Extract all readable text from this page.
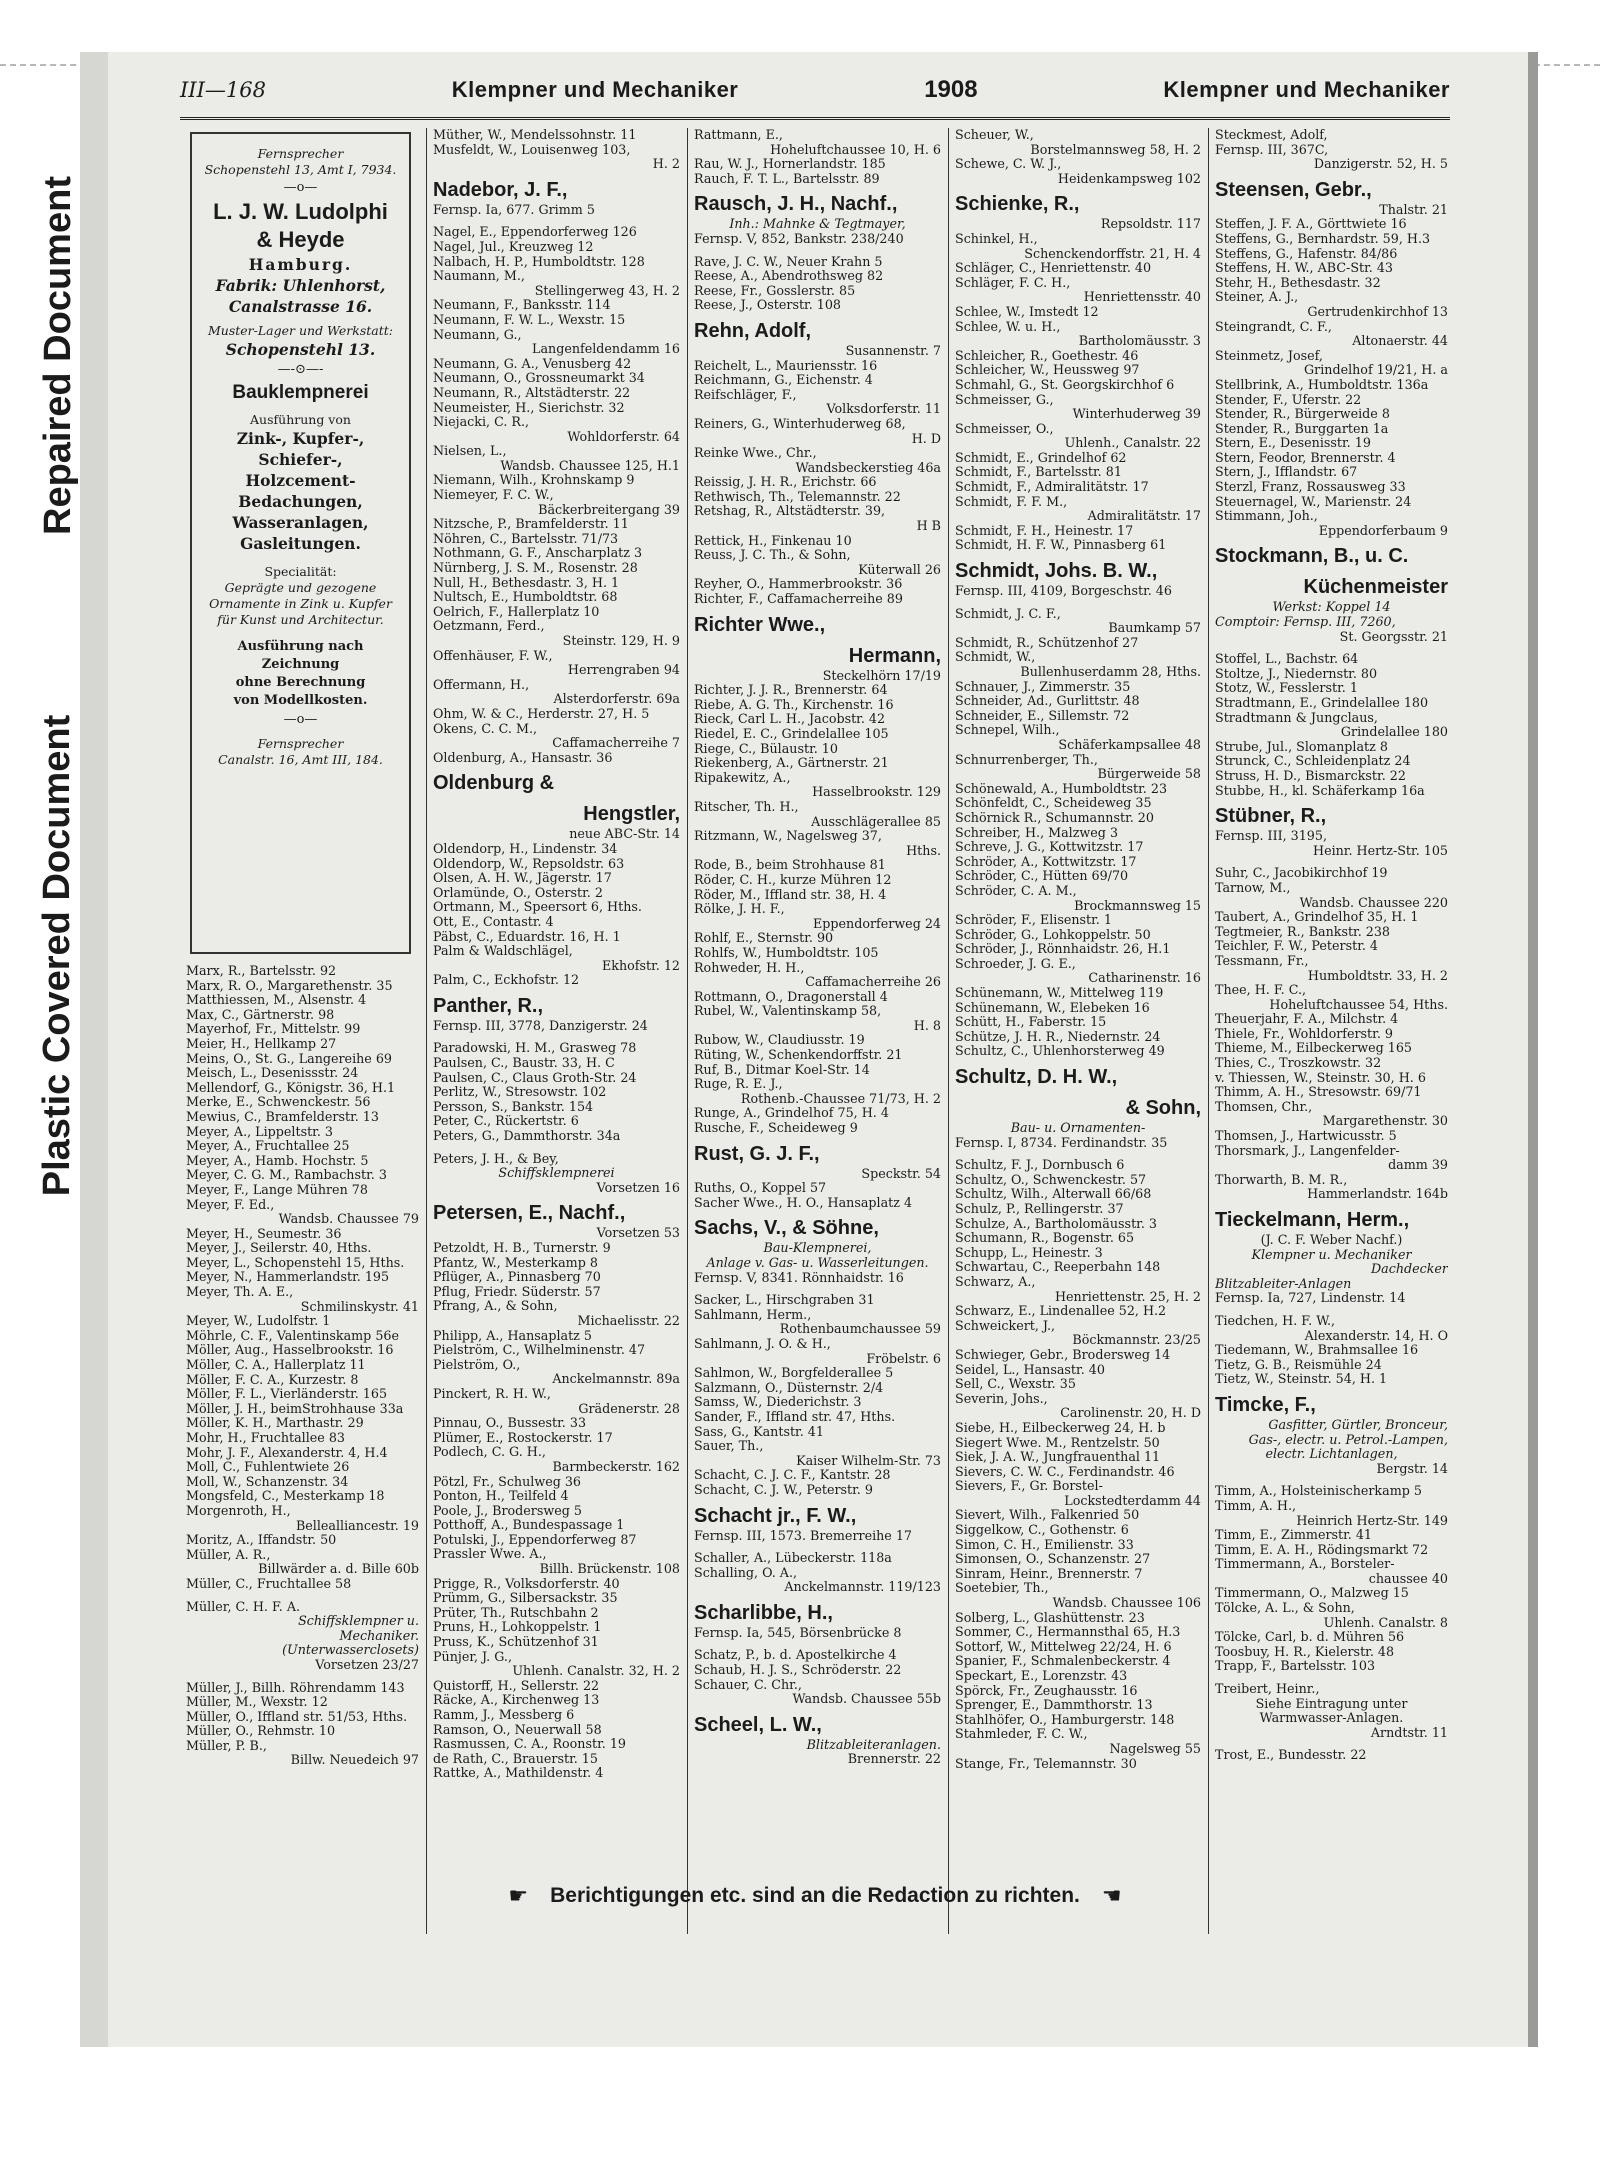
Repaired Document
Plastic Covered Document
III—168	Klempner und Mechaniker	1908	Klempner und Mechaniker
Fernsprecher
Schopenstehl 13, Amt I, 7934.
—o—
L. J. W. Ludolphi
& Heyde
Hamburg.
Fabrik: Uhlenhorst,
Canalstrasse 16.
Muster-Lager und Werkstatt:
Schopenstehl 13.
—-⊙—-
Bauklempnerei
Ausführung von
Zink-, Kupfer-,
Schiefer-,
Holzcement-
Bedachungen,
Wasseranlagen,
Gasleitungen.
Specialität:
Geprägte und gezogene
Ornamente in Zink u. Kupfer
für Kunst und Architectur.
Ausführung nach Zeichnung
ohne Berechnung
von Modellkosten.
—o—
Fernsprecher
Canalstr. 16, Amt III, 184.
Marx, R., Bartelsstr. 92
Marx, R. O., Margarethenstr. 35
Matthiessen, M., Alsenstr. 4
Max, C., Gärtnerstr. 98
Mayerhof, Fr., Mittelstr. 99
Meier, H., Hellkamp 27
Meins, O., St. G., Langereihe 69
Meisch, L., Desenissstr. 24
Mellendorf, G., Königstr. 36, H.1
Merke, E., Schwenckestr. 56
Mewius, C., Bramfelderstr. 13
Meyer, A., Lippeltstr. 3
Meyer, A., Fruchtallee 25
Meyer, A., Hamb. Hochstr. 5
Meyer, C. G. M., Rambachstr. 3
Meyer, F., Lange Mühren 78
Meyer, F. Ed.,
Wandsb. Chaussee 79
Meyer, H., Seumestr. 36
Meyer, J., Seilerstr. 40, Hths.
Meyer, L., Schopenstehl 15, Hths.
Meyer, N., Hammerlandstr. 195
Meyer, Th. A. E.,
Schmilinskystr. 41
Meyer, W., Ludolfstr. 1
Möhrle, C. F., Valentinskamp 56e
Möller, Aug., Hasselbrookstr. 16
Möller, C. A., Hallerplatz 11
Möller, F. C. A., Kurzestr. 8
Möller, F. L., Vierländerstr. 165
Möller, J. H., beimStrohhause 33a
Möller, K. H., Marthastr. 29
Mohr, H., Fruchtallee 83
Mohr, J. F., Alexanderstr. 4, H.4
Moll, C., Fuhlentwiete 26
Moll, W., Schanzenstr. 34
Mongsfeld, C., Mesterkamp 18
Morgenroth, H.,
Bellealliancestr. 19
Moritz, A., Iffandstr. 50
Müller, A. R.,
Billwärder a. d. Bille 60b
Müller, C., Fruchtallee 58
Müller, C. H. F. A.
Schiffsklempner u.
Mechaniker.
(Unterwasserclosets)
Vorsetzen 23/27
Müller, J., Billh. Röhrendamm 143
Müller, M., Wexstr. 12
Müller, O., Iffland str. 51/53, Hths.
Müller, O., Rehmstr. 10
Müller, P. B.,
Billw. Neuedeich 97
Müther, W., Mendelssohnstr. 11
Musfeldt, W., Louisenweg 103,
H. 2
Nadebor, J. F.,
Fernsp. Ia, 677. Grimm 5
Nagel, E., Eppendorferweg 126
Nagel, Jul., Kreuzweg 12
Nalbach, H. P., Humboldtstr. 128
Naumann, M.,
Stellingerweg 43, H. 2
Neumann, F., Banksstr. 114
Neumann, F. W. L., Wexstr. 15
Neumann, G.,
Langenfeldendamm 16
Neumann, G. A., Venusberg 42
Neumann, O., Grossneumarkt 34
Neumann, R., Altstädterstr. 22
Neumeister, H., Sierichstr. 32
Niejacki, C. R.,
Wohldorferstr. 64
Nielsen, L.,
Wandsb. Chaussee 125, H.1
Niemann, Wilh., Krohnskamp 9
Niemeyer, F. C. W.,
Bäckerbreitergang 39
Nitzsche, P., Bramfelderstr. 11
Nöhren, C., Bartelsstr. 71/73
Nothmann, G. F., Anscharplatz 3
Nürnberg, J. S. M., Rosenstr. 28
Null, H., Bethesdastr. 3, H. 1
Nultsch, E., Humboldtstr. 68
Oelrich, F., Hallerplatz 10
Oetzmann, Ferd.,
Steinstr. 129, H. 9
Offenhäuser, F. W.,
Herrengraben 94
Offermann, H.,
Alsterdorferstr. 69a
Ohm, W. & C., Herderstr. 27, H. 5
Okens, C. C. M.,
Caffamacherreihe 7
Oldenburg, A., Hansastr. 36
Oldenburg &
Hengstler,
neue ABC-Str. 14
Oldendorp, H., Lindenstr. 34
Oldendorp, W., Repsoldstr. 63
Olsen, A. H. W., Jägerstr. 17
Orlamünde, O., Osterstr. 2
Ortmann, M., Speersort 6, Hths.
Ott, E., Contastr. 4
Päbst, C., Eduardstr. 16, H. 1
Palm & Waldschlägel,
Ekhofstr. 12
Palm, C., Eckhofstr. 12
Panther, R.,
Fernsp. III, 3778, Danzigerstr. 24
Paradowski, H. M., Grasweg 78
Paulsen, C., Baustr. 33, H. C
Paulsen, C., Claus Groth-Str. 24
Perlitz, W., Stresowstr. 102
Persson, S., Bankstr. 154
Peter, C., Rückertstr. 6
Peters, G., Dammthorstr. 34a
Peters, J. H., & Bey,
Schiffsklempnerei
Vorsetzen 16
Petersen, E., Nachf.,
Vorsetzen 53
Petzoldt, H. B., Turnerstr. 9
Pfantz, W., Mesterkamp 8
Pflüger, A., Pinnasberg 70
Pflug, Friedr. Süderstr. 57
Pfrang, A., & Sohn,
Michaelisstr. 22
Philipp, A., Hansaplatz 5
Pielström, C., Wilhelminenstr. 47
Pielström, O.,
Anckelmannstr. 89a
Pinckert, R. H. W.,
Grädenerstr. 28
Pinnau, O., Bussestr. 33
Plümer, E., Rostockerstr. 17
Podlech, C. G. H.,
Barmbeckerstr. 162
Pötzl, Fr., Schulweg 36
Ponton, H., Teilfeld 4
Poole, J., Brodersweg 5
Potthoff, A., Bundespassage 1
Potulski, J., Eppendorferweg 87
Prassler Wwe. A.,
Billh. Brückenstr. 108
Prigge, R., Volksdorferstr. 40
Prümm, G., Silbersackstr. 35
Prüter, Th., Rutschbahn 2
Pruns, H., Lohkoppelstr. 1
Pruss, K., Schützenhof 31
Pünjer, J. G.,
Uhlenh. Canalstr. 32, H. 2
Quistorff, H., Sellerstr. 22
Räcke, A., Kirchenweg 13
Ramm, J., Messberg 6
Ramson, O., Neuerwall 58
Rasmussen, C. A., Roonstr. 19
de Rath, C., Brauerstr. 15
Rattke, A., Mathildenstr. 4
Rattmann, E.,
Hoheluftchaussee 10, H. 6
Rau, W. J., Hornerlandstr. 185
Rauch, F. T. L., Bartelsstr. 89
Rausch, J. H., Nachf.,
Inh.: Mahnke & Tegtmayer,
Fernsp. V, 852, Bankstr. 238/240
Rave, J. C. W., Neuer Krahn 5
Reese, A., Abendrothsweg 82
Reese, Fr., Gosslerstr. 85
Reese, J., Osterstr. 108
Rehn, Adolf,
Susannenstr. 7
Reichelt, L., Mauriensstr. 16
Reichmann, G., Eichenstr. 4
Reifschläger, F.,
Volksdorferstr. 11
Reiners, G., Winterhuderweg 68,
H. D
Reinke Wwe., Chr.,
Wandsbeckerstieg 46a
Reissig, J. H. R., Erichstr. 66
Rethwisch, Th., Telemannstr. 22
Retshag, R., Altstädterstr. 39,
H B
Rettick, H., Finkenau 10
Reuss, J. C. Th., & Sohn,
Küterwall 26
Reyher, O., Hammerbrookstr. 36
Richter, F., Caffamacherreihe 89
Richter Wwe.,
Hermann,
Steckelhörn 17/19
Richter, J. J. R., Brennerstr. 64
Riebe, A. G. Th., Kirchenstr. 16
Rieck, Carl L. H., Jacobstr. 42
Riedel, E. C., Grindelallee 105
Riege, C., Bülaustr. 10
Riekenberg, A., Gärtnerstr. 21
Ripakewitz, A.,
Hasselbrookstr. 129
Ritscher, Th. H.,
Ausschlägerallee 85
Ritzmann, W., Nagelsweg 37,
Hths.
Rode, B., beim Strohhause 81
Röder, C. H., kurze Mühren 12
Röder, M., Iffland str. 38, H. 4
Rölke, J. H. F.,
Eppendorferweg 24
Rohlf, E., Sternstr. 90
Rohlfs, W., Humboldtstr. 105
Rohweder, H. H.,
Caffamacherreihe 26
Rottmann, O., Dragonerstall 4
Rubel, W., Valentinskamp 58,
H. 8
Rubow, W., Claudiusstr. 19
Rüting, W., Schenkendorffstr. 21
Ruf, B., Ditmar Koel-Str. 14
Ruge, R. E. J.,
Rothenb.-Chaussee 71/73, H. 2
Runge, A., Grindelhof 75, H. 4
Rusche, F., Scheideweg 9
Rust, G. J. F.,
Speckstr. 54
Ruths, O., Koppel 57
Sacher Wwe., H. O., Hansaplatz 4
Sachs, V., & Söhne,
Bau-Klempnerei,
Anlage v. Gas- u. Wasserleitungen.
Fernsp. V, 8341. Rönnhaidstr. 16
Sacker, L., Hirschgraben 31
Sahlmann, Herm.,
Rothenbaumchaussee 59
Sahlmann, J. O. & H.,
Fröbelstr. 6
Sahlmon, W., Borgfelderallee 5
Salzmann, O., Düsternstr. 2/4
Samss, W., Diederichstr. 3
Sander, F., Iffland str. 47, Hths.
Sass, G., Kantstr. 41
Sauer, Th.,
Kaiser Wilhelm-Str. 73
Schacht, C. J. C. F., Kantstr. 28
Schacht, C. J. W., Peterstr. 9
Schacht jr., F. W.,
Fernsp. III, 1573. Bremerreihe 17
Schaller, A., Lübeckerstr. 118a
Schalling, O. A.,
Anckelmannstr. 119/123
Scharlibbe, H.,
Fernsp. Ia, 545, Börsenbrücke 8
Schatz, P., b. d. Apostelkirche 4
Schaub, H. J. S., Schröderstr. 22
Schauer, C. Chr.,
Wandsb. Chaussee 55b
Scheel, L. W.,
Blitzableiteranlagen.
Brennerstr. 22
Scheuer, W.,
Borstelmannsweg 58, H. 2
Schewe, C. W. J.,
Heidenkampsweg 102
Schienke, R.,
Repsoldstr. 117
Schinkel, H.,
Schenckendorffstr. 21, H. 4
Schläger, C., Henriettenstr. 40
Schläger, F. C. H.,
Henriettensstr. 40
Schlee, W., Imstedt 12
Schlee, W. u. H.,
Bartholomäusstr. 3
Schleicher, R., Goethestr. 46
Schleicher, W., Heussweg 97
Schmahl, G., St. Georgskirchhof 6
Schmeisser, G.,
Winterhuderweg 39
Schmeisser, O.,
Uhlenh., Canalstr. 22
Schmidt, E., Grindelhof 62
Schmidt, F., Bartelsstr. 81
Schmidt, F., Admiralitätstr. 17
Schmidt, F. F. M.,
Admiralitätstr. 17
Schmidt, F. H., Heinestr. 17
Schmidt, H. F. W., Pinnasberg 61
Schmidt, Johs. B. W.,
Fernsp. III, 4109, Borgeschstr. 46
Schmidt, J. C. F.,
Baumkamp 57
Schmidt, R., Schützenhof 27
Schmidt, W.,
Bullenhuserdamm 28, Hths.
Schnauer, J., Zimmerstr. 35
Schneider, Ad., Gurlittstr. 48
Schneider, E., Sillemstr. 72
Schnepel, Wilh.,
Schäferkampsallee 48
Schnurrenberger, Th.,
Bürgerweide 58
Schönewald, A., Humboldtstr. 23
Schönfeldt, C., Scheideweg 35
Schörnick R., Schumannstr. 20
Schreiber, H., Malzweg 3
Schreve, J. G., Kottwitzstr. 17
Schröder, A., Kottwitzstr. 17
Schröder, C., Hütten 69/70
Schröder, C. A. M.,
Brockmannsweg 15
Schröder, F., Elisenstr. 1
Schröder, G., Lohkoppelstr. 50
Schröder, J., Rönnhaidstr. 26, H.1
Schroeder, J. G. E.,
Catharinenstr. 16
Schünemann, W., Mittelweg 119
Schünemann, W., Elebeken 16
Schütt, H., Faberstr. 15
Schütze, J. H. R., Niedernstr. 24
Schultz, C., Uhlenhorsterweg 49
Schultz, D. H. W.,
& Sohn,
Bau- u. Ornamenten-
Fernsp. I, 8734. Ferdinandstr. 35
Schultz, F. J., Dornbusch 6
Schultz, O., Schwenckestr. 57
Schultz, Wilh., Alterwall 66/68
Schulz, P., Rellingerstr. 37
Schulze, A., Bartholomäusstr. 3
Schumann, R., Bogenstr. 65
Schupp, L., Heinestr. 3
Schwartau, C., Reeperbahn 148
Schwarz, A.,
Henriettenstr. 25, H. 2
Schwarz, E., Lindenallee 52, H.2
Schweickert, J.,
Böckmannstr. 23/25
Schwieger, Gebr., Brodersweg 14
Seidel, L., Hansastr. 40
Sell, C., Wexstr. 35
Severin, Johs.,
Carolinenstr. 20, H. D
Siebe, H., Eilbeckerweg 24, H. b
Siegert Wwe. M., Rentzelstr. 50
Siek, J. A. W., Jungfrauenthal 11
Sievers, C. W. C., Ferdinandstr. 46
Sievers, F., Gr. Borstel-
Lockstedterdamm 44
Sievert, Wilh., Falkenried 50
Siggelkow, C., Gothenstr. 6
Simon, C. H., Emilienstr. 33
Simonsen, O., Schanzenstr. 27
Sinram, Heinr., Brennerstr. 7
Soetebier, Th.,
Wandsb. Chaussee 106
Solberg, L., Glashüttenstr. 23
Sommer, C., Hermannsthal 65, H.3
Sottorf, W., Mittelweg 22/24, H. 6
Spanier, F., Schmalenbeckerstr. 4
Speckart, E., Lorenzstr. 43
Spörck, Fr., Zeughausstr. 16
Sprenger, E., Dammthorstr. 13
Stahlhöfer, O., Hamburgerstr. 148
Stahmleder, F. C. W.,
Nagelsweg 55
Stange, Fr., Telemannstr. 30
Steckmest, Adolf,
Fernsp. III, 367C,
Danzigerstr. 52, H. 5
Steensen, Gebr.,
Thalstr. 21
Steffen, J. F. A., Görttwiete 16
Steffens, G., Bernhardstr. 59, H.3
Steffens, G., Hafenstr. 84/86
Steffens, H. W., ABC-Str. 43
Stehr, H., Bethesdastr. 32
Steiner, A. J.,
Gertrudenkirchhof 13
Steingrandt, C. F.,
Altonaerstr. 44
Steinmetz, Josef,
Grindelhof 19/21, H. a
Stellbrink, A., Humboldtstr. 136a
Stender, F., Uferstr. 22
Stender, R., Bürgerweide 8
Stender, R., Burggarten 1a
Stern, E., Desenisstr. 19
Stern, Feodor, Brennerstr. 4
Stern, J., Ifflandstr. 67
Sterzl, Franz, Rossausweg 33
Steuernagel, W., Marienstr. 24
Stimmann, Joh.,
Eppendorferbaum 9
Stockmann, B., u. C.
Küchenmeister
Werkst: Koppel 14
Comptoir: Fernsp. III, 7260,
St. Georgsstr. 21
Stoffel, L., Bachstr. 64
Stoltze, J., Niedernstr. 80
Stotz, W., Fesslerstr. 1
Stradtmann, E., Grindelallee 180
Stradtmann & Jungclaus,
Grindelallee 180
Strube, Jul., Slomanplatz 8
Strunck, C., Schleidenplatz 24
Struss, H. D., Bismarckstr. 22
Stubbe, H., kl. Schäferkamp 16a
Stübner, R.,
Fernsp. III, 3195,
Heinr. Hertz-Str. 105
Suhr, C., Jacobikirchhof 19
Tarnow, M.,
Wandsb. Chaussee 220
Taubert, A., Grindelhof 35, H. 1
Tegtmeier, R., Bankstr. 238
Teichler, F. W., Peterstr. 4
Tessmann, Fr.,
Humboldtstr. 33, H. 2
Thee, H. F. C.,
Hoheluftchaussee 54, Hths.
Theuerjahr, F. A., Milchstr. 4
Thiele, Fr., Wohldorferstr. 9
Thieme, M., Eilbeckerweg 165
Thies, C., Troszkowstr. 32
v. Thiessen, W., Steinstr. 30, H. 6
Thimm, A. H., Stresowstr. 69/71
Thomsen, Chr.,
Margarethenstr. 30
Thomsen, J., Hartwicusstr. 5
Thorsmark, J., Langenfelder-
damm 39
Thorwarth, B. M. R.,
Hammerlandstr. 164b
Tieckelmann, Herm.,
(J. C. F. Weber Nachf.)
Klempner u. Mechaniker
Dachdecker
Blitzableiter-Anlagen
Fernsp. Ia, 727, Lindenstr. 14
Tiedchen, H. F. W.,
Alexanderstr. 14, H. O
Tiedemann, W., Brahmsallee 16
Tietz, G. B., Reismühle 24
Tietz, W., Steinstr. 54, H. 1
Timcke, F.,
Gasfitter, Gürtler, Bronceur,
Gas-, electr. u. Petrol.-Lampen,
electr. Lichtanlagen,
Bergstr. 14
Timm, A., Holsteinischerkamp 5
Timm, A. H.,
Heinrich Hertz-Str. 149
Timm, E., Zimmerstr. 41
Timm, E. A. H., Rödingsmarkt 72
Timmermann, A., Borsteler-
chaussee 40
Timmermann, O., Malzweg 15
Tölcke, A. L., & Sohn,
Uhlenh. Canalstr. 8
Tölcke, Carl, b. d. Mühren 56
Toosbuy, H. R., Kielerstr. 48
Trapp, F., Bartelsstr. 103
Treibert, Heinr.,
Siehe Eintragung unter
Warmwasser-Anlagen.
Arndtstr. 11
Trost, E., Bundesstr. 22
☛ Berichtigungen etc. sind an die Redaction zu richten. ☚
